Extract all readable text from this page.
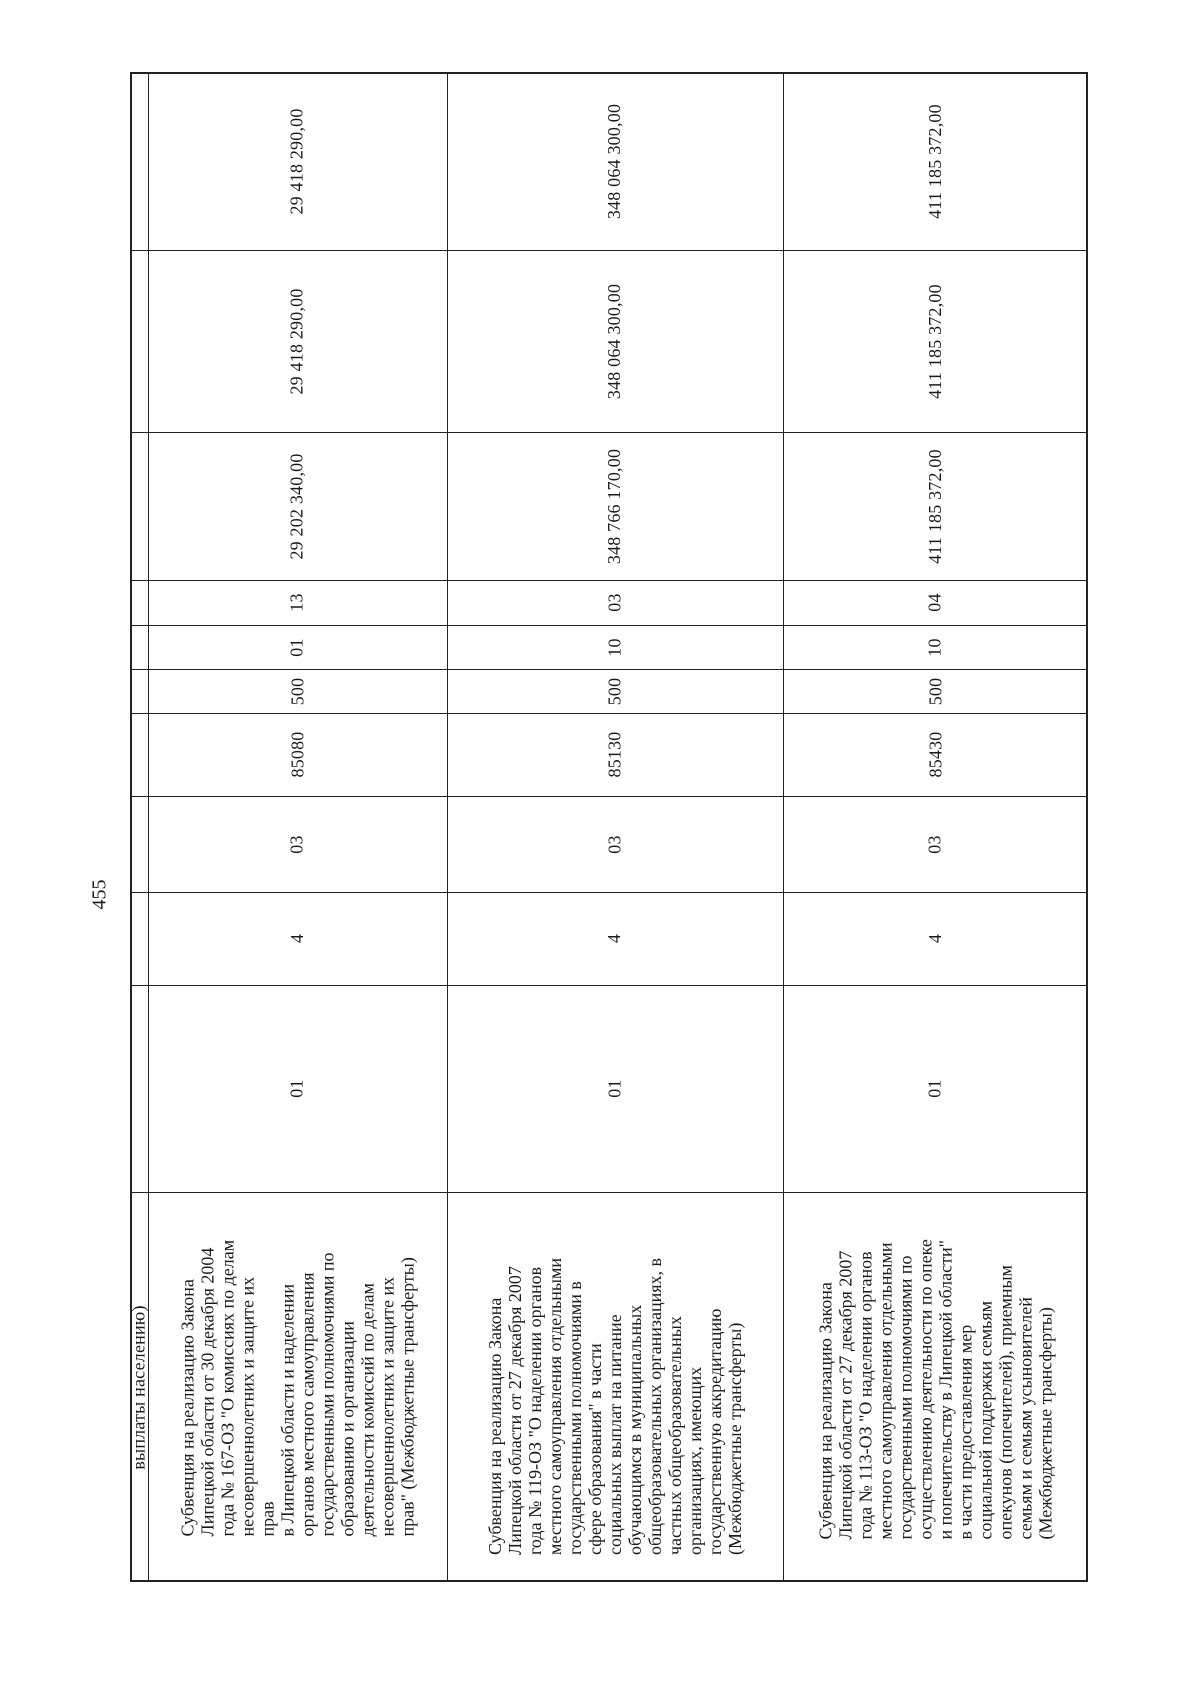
455
выплаты населению)
Субвенция на реализацию Закона
Липецкой области от 30 декабря 2004
года № 167-ОЗ "О комиссиях по делам
несовершеннолетних и защите их прав
в Липецкой области и наделении
органов местного самоуправления
государственными полномочиями по
образованию и организации
деятельности комиссий по делам
несовершеннолетних и защите их
прав" (Межбюджетные трансферты)
01
4
03
85080
500
01
13
29 202 340,00
29 418 290,00
Субвенция на реализацию Закона
Липецкой области от 27 декабря 2007
года № 119-ОЗ "О наделении органов
местного самоуправления отдельными
государственными полномочиями в
сфере образования" в части
социальных выплат на питание
обучающимся в муниципальных
общеобразовательных организациях, в
частных общеобразовательных
организациях, имеющих
государственную аккредитацию
(Межбюджетные трансферты)
01
4
03
85130
500
10
03
348 766 170,00
348 064 300,00
Субвенция на реализацию Закона
Липецкой области от 27 декабря 2007
года № 113-ОЗ "О наделении органов
местного самоуправления отдельными
государственными полномочиями по
осуществлению деятельности по опеке
и попечительству в Липецкой области"
в части предоставления мер
социальной поддержки семьям
опекунов (попечителей), приемным
семьям и семьям усыновителей
(Межбюджетные трансферты)
01
4
03
85430
500
10
04
411 185 372,00
411 185 372,00
29 418 290,00	348 064 300,00	411 185 372,00
